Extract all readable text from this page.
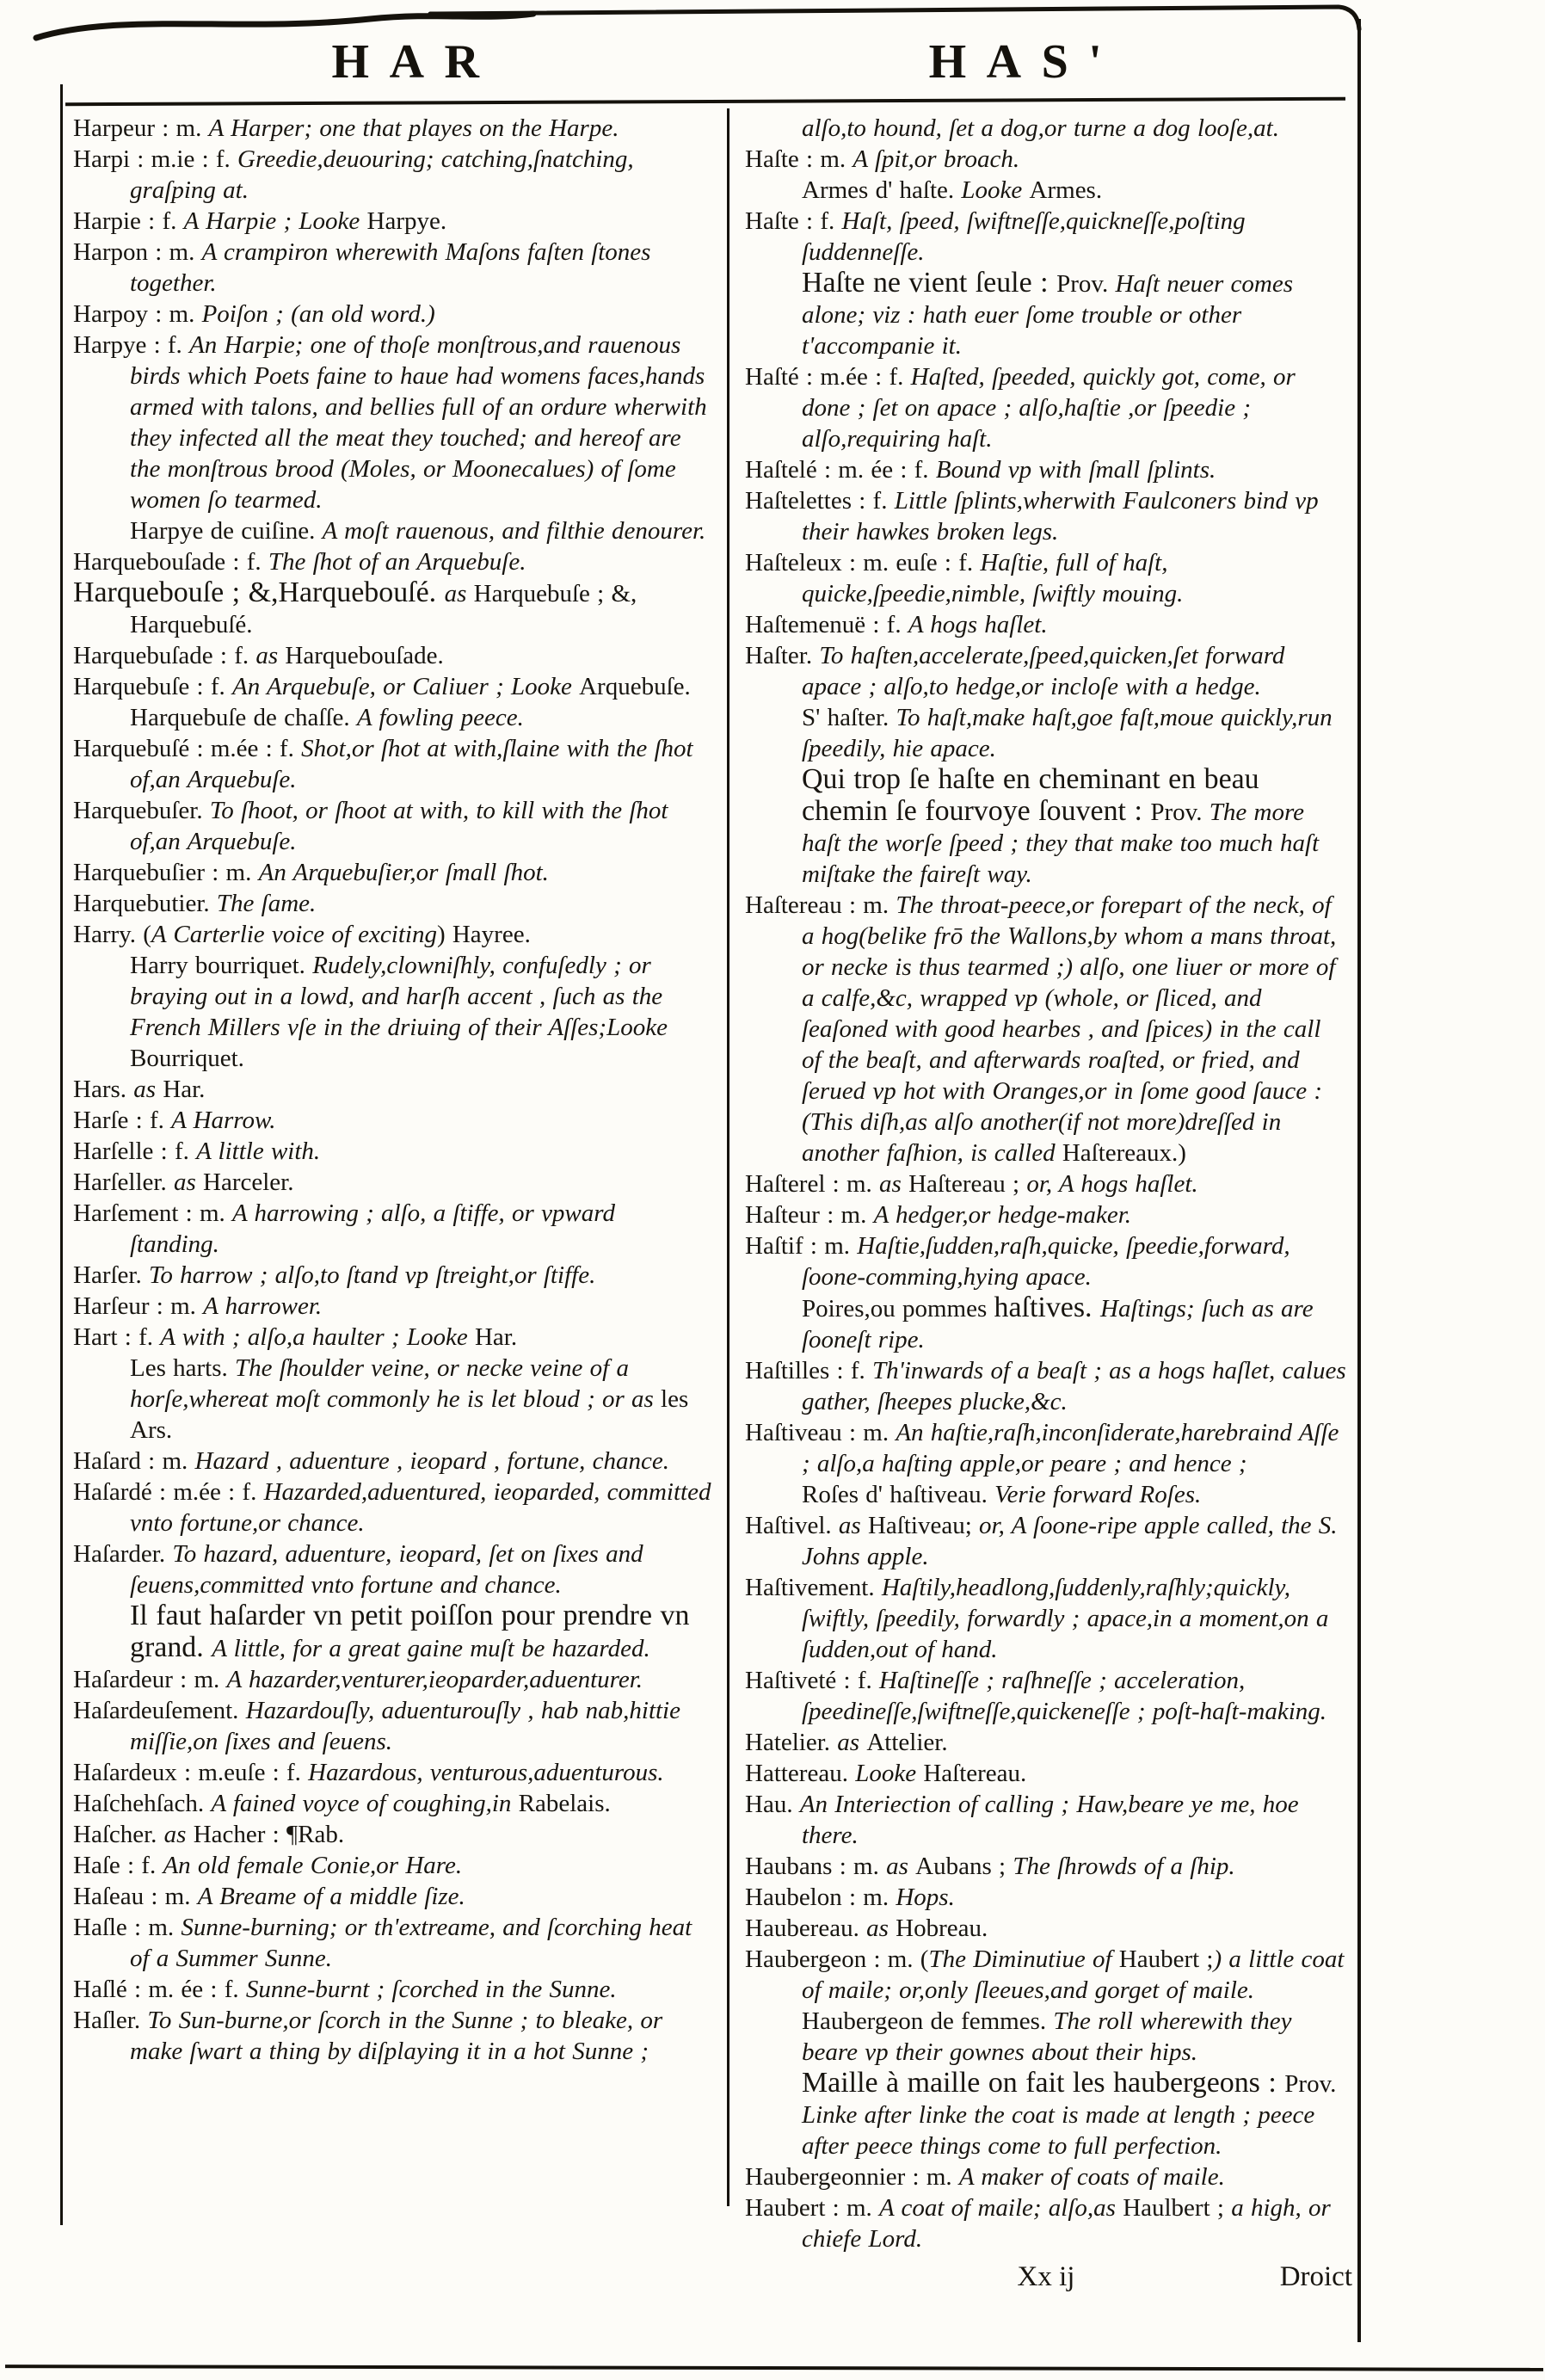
HAR	HAS'

Harpeur : m. A Harper; one that playes on the Harpe.

Harpi : m.ie : f. Greedie,deuouring; catching,ſnatching, graſping at.

Harpie : f. A Harpie ; Looke Harpye.

Harpon : m. A crampiron wherewith Maſons faſten ſtones together.

Harpoy : m. Poiſon ; (an old word.)

Harpye : f. An Harpie; one of thoſe monſtrous,and rauenous birds which Poets faine to haue had womens faces,hands armed with talons, and bellies full of an ordure wherwith they infected all the meat they touched; and hereof are the monſtrous brood (Moles, or Moonecalues) of ſome women ſo tearmed.

Harpye de cuiſine. A moſt rauenous, and filthie denourer.

Harquebouſade : f. The ſhot of an Arquebuſe.

Harquebouſe ; &,Harquebouſé. as Harquebuſe ; &, Harquebuſé.

Harquebuſade : f. as Harquebouſade.

Harquebuſe : f. An Arquebuſe, or Caliuer ; Looke Arquebuſe.

Harquebuſe de chaſſe. A fowling peece.

Harquebuſé : m.ée : f. Shot,or ſhot at with,ſlaine with the ſhot of,an Arquebuſe.

Harquebuſer. To ſhoot, or ſhoot at with, to kill with the ſhot of,an Arquebuſe.

Harquebuſier : m. An Arquebuſier,or ſmall ſhot.

Harquebutier. The ſame.

Harry. (A Carterlie voice of exciting) Hayree.

Harry bourriquet. Rudely,clowniſhly, confuſedly ; or braying out in a lowd, and harſh accent , ſuch as the French Millers vſe in the driuing of their Aſſes;Looke Bourriquet.

Hars. as Har.

Harſe : f. A Harrow.

Harſelle : f. A little with.

Harſeller. as Harceler.

Harſement : m. A harrowing ; alſo, a ſtiffe, or vpward ſtanding.

Harſer. To harrow ; alſo,to ſtand vp ſtreight,or ſtiffe.

Harſeur : m. A harrower.

Hart : f. A with ; alſo,a haulter ; Looke Har.

Les harts. The ſhoulder veine, or necke veine of a horſe,whereat moſt commonly he is let bloud ; or as les Ars.

Haſard : m. Hazard , aduenture , ieopard , fortune, chance.

Haſardé : m.ée : f. Hazarded,aduentured, ieoparded, committed vnto fortune,or chance.

Haſarder. To hazard, aduenture, ieopard, ſet on ſixes and ſeuens,committed vnto fortune and chance.

Il faut haſarder vn petit poiſſon pour prendre vn grand. A little, for a great gaine muſt be hazarded.

Haſardeur : m. A hazarder,venturer,ieoparder,aduenturer.

Haſardeuſement. Hazardouſly, aduenturouſly , hab nab,hittie miſſie,on ſixes and ſeuens.

Haſardeux : m.euſe : f. Hazardous, venturous,aduenturous.

Haſchehſach. A fained voyce of coughing,in Rabelais.

Haſcher. as Hacher : ¶Rab.

Haſe : f. An old female Conie,or Hare.

Haſeau : m. A Breame of a middle ſize.

Haſle : m. Sunne-burning; or th'extreame, and ſcorching heat of a Summer Sunne.

Haſlé : m. ée : f. Sunne-burnt ; ſcorched in the Sunne.

Haſler. To Sun-burne,or ſcorch in the Sunne ; to bleake, or make ſwart a thing by diſplaying it in a hot Sunne ;

alſo,to hound, ſet a dog,or turne a dog looſe,at.

Haſte : m. A ſpit,or broach.

Armes d' haſte. Looke Armes.

Haſte : f. Haſt, ſpeed, ſwiftneſſe,quickneſſe,poſting ſuddenneſſe.

Haſte ne vient ſeule : Prov. Haſt neuer comes alone; viz : hath euer ſome trouble or other t'accompanie it.

Haſté : m.ée : f. Haſted, ſpeeded, quickly got, come, or done ; ſet on apace ; alſo,haſtie ,or ſpeedie ; alſo,requiring haſt.

Haſtelé : m. ée : f. Bound vp with ſmall ſplints.

Haſtelettes : f. Little ſplints,wherwith Faulconers bind vp their hawkes broken legs.

Haſteleux : m. euſe : f. Haſtie, full of haſt, quicke,ſpeedie,nimble, ſwiftly mouing.

Haſtemenuë : f. A hogs haſlet.

Haſter. To haſten,accelerate,ſpeed,quicken,ſet forward apace ; alſo,to hedge,or incloſe with a hedge.

S' haſter. To haſt,make haſt,goe faſt,moue quickly,run ſpeedily, hie apace.

Qui trop ſe haſte en cheminant en beau chemin ſe fourvoye ſouvent : Prov. The more haſt the worſe ſpeed ; they that make too much haſt miſtake the faireſt way.

Haſtereau : m. The throat-peece,or forepart of the neck, of a hog(belike frō the Wallons,by whom a mans throat, or necke is thus tearmed ;) alſo, one liuer or more of a calfe,&c, wrapped vp (whole, or ſliced, and ſeaſoned with good hearbes , and ſpices) in the call of the beaſt, and afterwards roaſted, or fried, and ſerued vp hot with Oranges,or in ſome good ſauce : (This diſh,as alſo another(if not more)dreſſed in another faſhion, is called Haſtereaux.)

Haſterel : m. as Haſtereau ; or, A hogs haſlet.

Haſteur : m. A hedger,or hedge-maker.

Haſtif : m. Haſtie,ſudden,raſh,quicke, ſpeedie,forward, ſoone-comming,hying apace.

Poires,ou pommes haſtives. Haſtings; ſuch as are ſooneſt ripe.

Haſtilles : f. Th'inwards of a beaſt ; as a hogs haſlet, calues gather, ſheepes plucke,&c.

Haſtiveau : m. An haſtie,raſh,inconſiderate,harebraind Aſſe ; alſo,a haſting apple,or peare ; and hence ;

Roſes d' haſtiveau. Verie forward Roſes.

Haſtivel. as Haſtiveau; or, A ſoone-ripe apple called, the S. Johns apple.

Haſtivement. Haſtily,headlong,ſuddenly,raſhly;quickly, ſwiftly, ſpeedily, forwardly ; apace,in a moment,on a ſudden,out of hand.

Haſtiveté : f. Haſtineſſe ; raſhneſſe ; acceleration, ſpeedineſſe,ſwiftneſſe,quickeneſſe ; poſt-haſt-making.

Hatelier. as Attelier.

Hattereau. Looke Haſtereau.

Hau. An Interiection of calling ; Haw,beare ye me, hoe there.

Haubans : m. as Aubans ; The ſhrowds of a ſhip.

Haubelon : m. Hops.

Haubereau. as Hobreau.

Haubergeon : m. (The Diminutiue of Haubert ;) a little coat of maile; or,only ſleeues,and gorget of maile.

Haubergeon de femmes. The roll wherewith they beare vp their gownes about their hips.

Maille à maille on fait les haubergeons : Prov. Linke after linke the coat is made at length ; peece after peece things come to full perfection.

Haubergeonnier : m. A maker of coats of maile.

Haubert : m. A coat of maile; alſo,as Haulbert ; a high, or chiefe Lord.

Xx ij	Droict
